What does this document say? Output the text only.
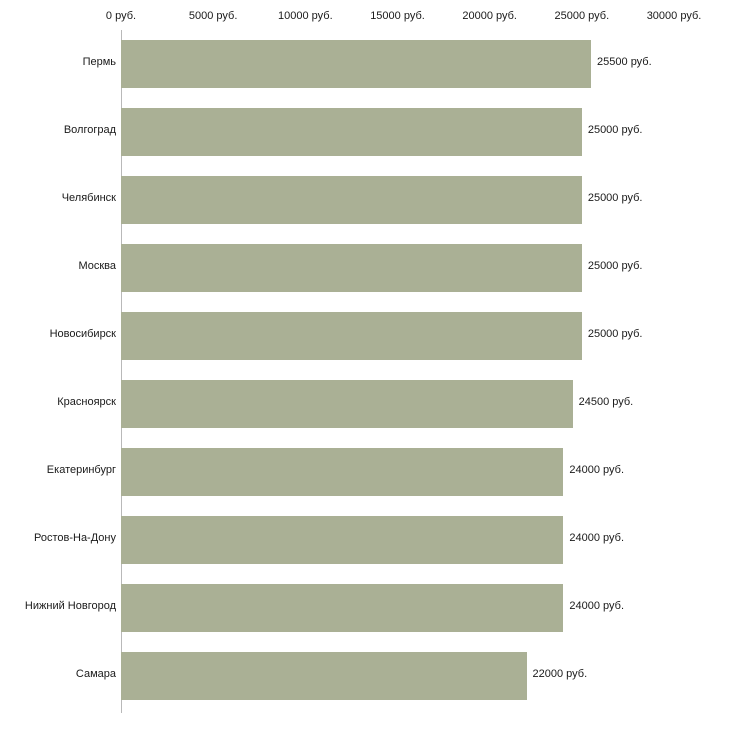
0 руб.	5000 руб.	10000 руб.	15000 руб.	20000 руб.	25000 руб.	30000 руб.
Пермь
Волгоград
Челябинск
Москва
Новосибирск
Красноярск
Екатеринбург
Ростов-На-Дону
Нижний Новгород
Самара
25500 руб.
25000 руб.
25000 руб.
25000 руб.
25000 руб.
24500 руб.
24000 руб.
24000 руб.
24000 руб.
22000 руб.
